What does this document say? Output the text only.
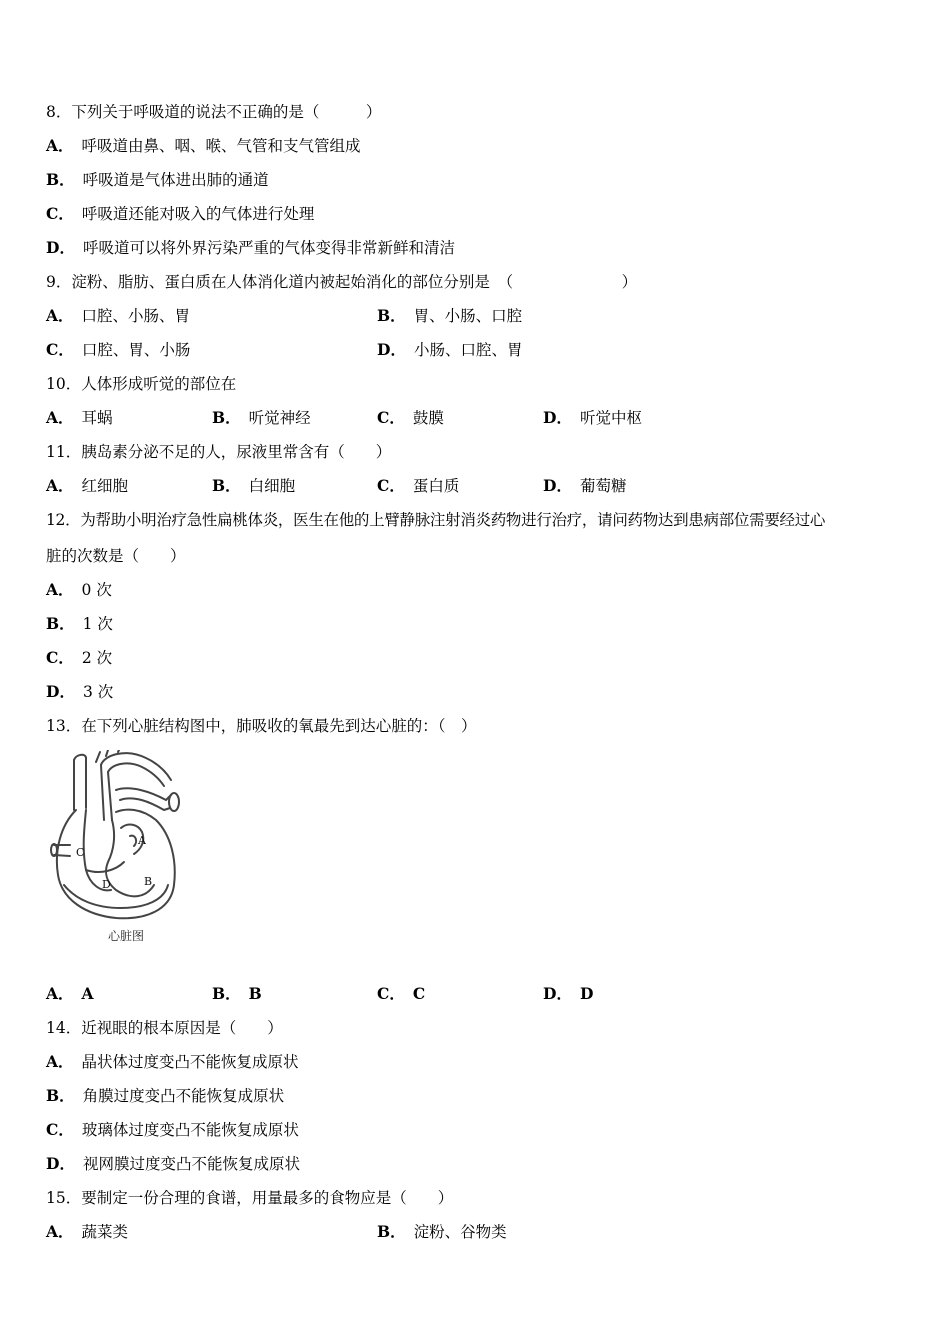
8．下列关于呼吸道的说法不正确的是（　　　）
A． 呼吸道由鼻、咽、喉、气管和支气管组成
B． 呼吸道是气体进出肺的通道
C． 呼吸道还能对吸入的气体进行处理
D． 呼吸道可以将外界污染严重的气体变得非常新鲜和清洁
9．淀粉、脂肪、蛋白质在人体消化道内被起始消化的部位分别是　（　　　　　　　）
A． 口腔、小肠、胃	B． 胃、小肠、口腔
C． 口腔、胃、小肠	D． 小肠、口腔、胃
10．人体形成听觉的部位在
A． 耳蜗	B． 听觉神经	C． 鼓膜	D． 听觉中枢
11．胰岛素分泌不足的人，尿液里常含有（　　）
A． 红细胞	B． 白细胞	C． 蛋白质	D． 葡萄糖
12．为帮助小明治疗急性扁桃体炎，医生在他的上臂静脉注射消炎药物进行治疗，请问药物达到患病部位需要经过心
脏的次数是（　　）
A． 0 次
B． 1 次
C． 2 次
D． 3 次
13．在下列心脏结构图中，肺吸收的氧最先到达心脏的：（　）
A
B
C
D
心脏图
A． A	B． B	C． C	D． D
14．近视眼的根本原因是（　　）
A． 晶状体过度变凸不能恢复成原状
B． 角膜过度变凸不能恢复成原状
C． 玻璃体过度变凸不能恢复成原状
D． 视网膜过度变凸不能恢复成原状
15．要制定一份合理的食谱，用量最多的食物应是（　　）
A． 蔬菜类	B． 淀粉、谷物类
